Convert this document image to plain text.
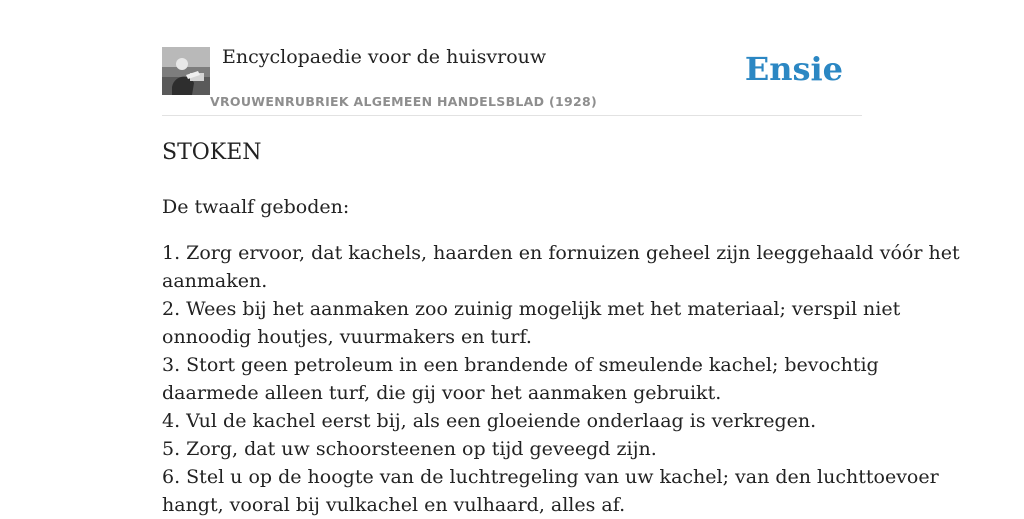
Encyclopaedie voor de huisvrouw
VROUWENRUBRIEK ALGEMEEN HANDELSBLAD (1928)
Ensie
STOKEN

De twaalf geboden:

1. Zorg ervoor, dat kachels, haarden en fornuizen geheel zijn leeggehaald vóór het
aanmaken.
2. Wees bij het aanmaken zoo zuinig mogelijk met het materiaal; verspil niet
onnoodig houtjes, vuurmakers en turf.
3. Stort geen petroleum in een brandende of smeulende kachel; bevochtig
daarmede alleen turf, die gij voor het aanmaken gebruikt.
4. Vul de kachel eerst bij, als een gloeiende onderlaag is verkregen.
5. Zorg, dat uw schoorsteenen op tijd geveegd zijn.
6. Stel u op de hoogte van de luchtregeling van uw kachel; van den luchttoevoer
hangt, vooral bij vulkachel en vulhaard, alles af.
